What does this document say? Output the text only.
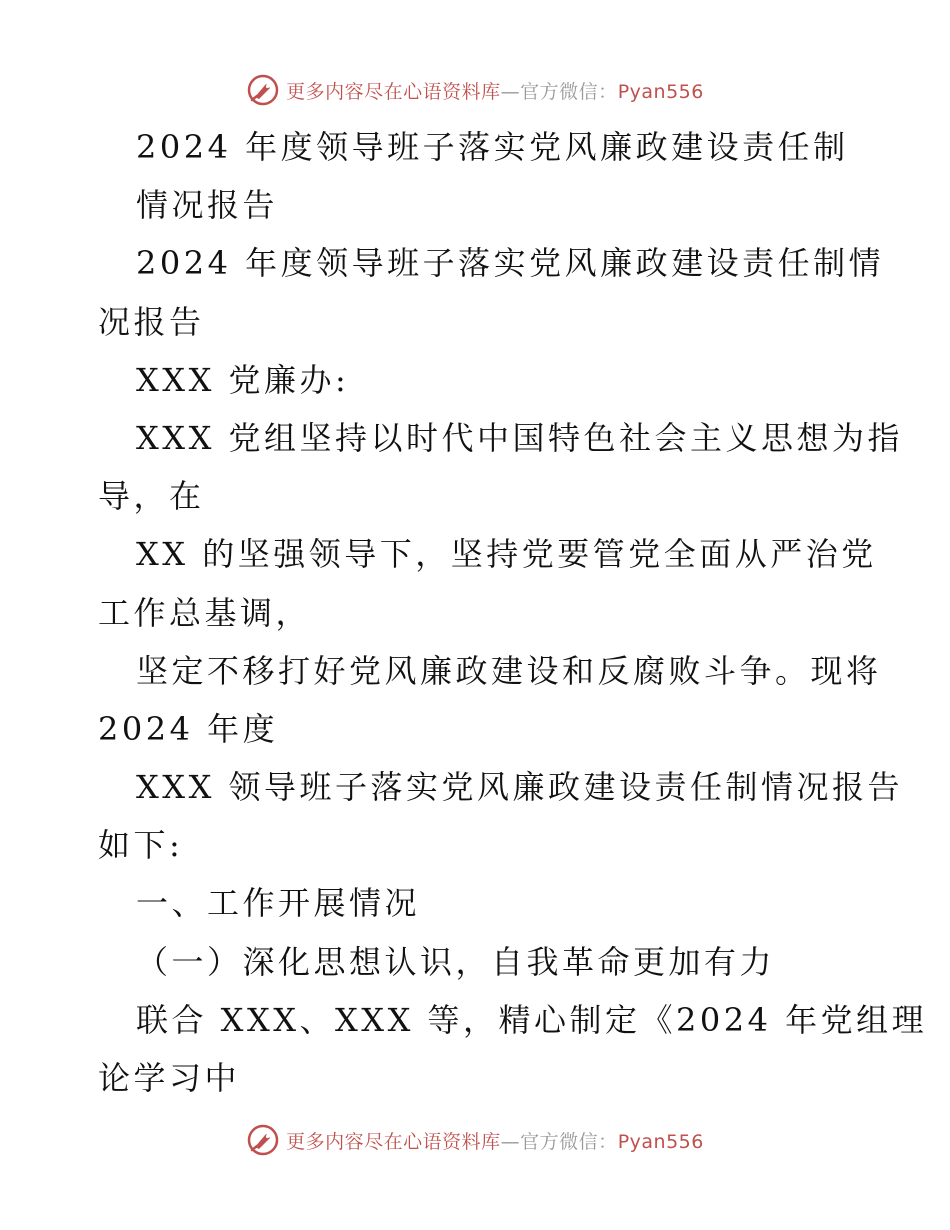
更多内容尽在心语资料库—官方微信：Pyan556
2024 年度领导班子落实党风廉政建设责任制
情况报告
2024 年度领导班子落实党风廉政建设责任制情
况报告
XXX 党廉办:
XXX 党组坚持以时代中国特色社会主义思想为指
导，在
XX 的坚强领导下，坚持党要管党全面从严治党
工作总基调，
坚定不移打好党风廉政建设和反腐败斗争。现将
2024 年度
XXX 领导班子落实党风廉政建设责任制情况报告
如下:
一、工作开展情况
（一）深化思想认识，自我革命更加有力
联合 XXX、XXX 等，精心制定《2024 年党组理
论学习中
更多内容尽在心语资料库—官方微信：Pyan556
